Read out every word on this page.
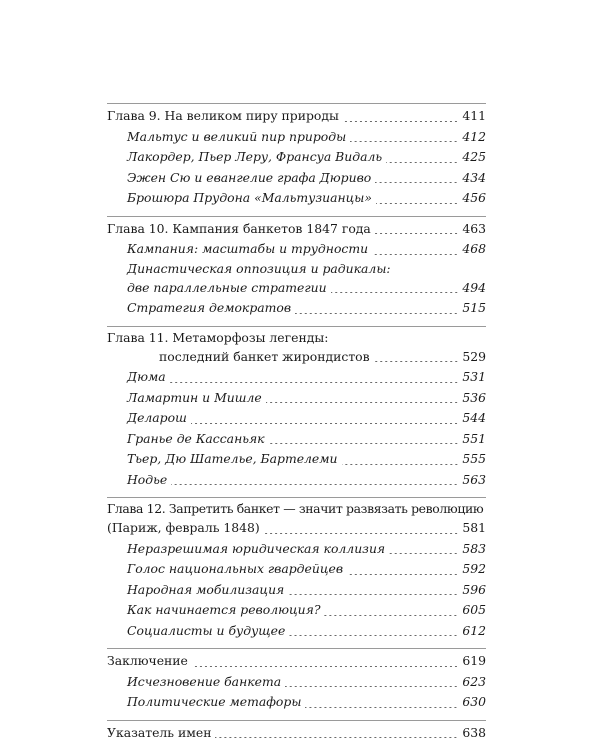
Глава 9. На великом пиру природы	411
Мальтус и великий пир природы	412
Лакордер, Пьер Леру, Франсуа Видаль	425
Эжен Сю и евангелие графа Дюриво	434
Брошюра Прудона «Мальтузианцы»	456
Глава 10. Кампания банкетов 1847 года	463
Кампания: масштабы и трудности	468
Династическая оппозиция и радикалы:
две параллельные стратегии	494
Стратегия демократов	515
Глава 11. Метаморфозы легенды:
последний банкет жирондистов	529
Дюма	531
Ламартин и Мишле	536
Деларош	544
Гранье де Кассаньяк	551
Тьер, Дю Шателье, Бартелеми	555
Нодье	563
Глава 12. Запретить банкет — значит развязать революцию
(Париж, февраль 1848)	581
Неразрешимая юридическая коллизия	583
Голос национальных гвардейцев	592
Народная мобилизация	596
Как начинается революция?	605
Социалисты и будущее	612
Заключение	619
Исчезновение банкета	623
Политические метафоры	630
Указатель имен	638
